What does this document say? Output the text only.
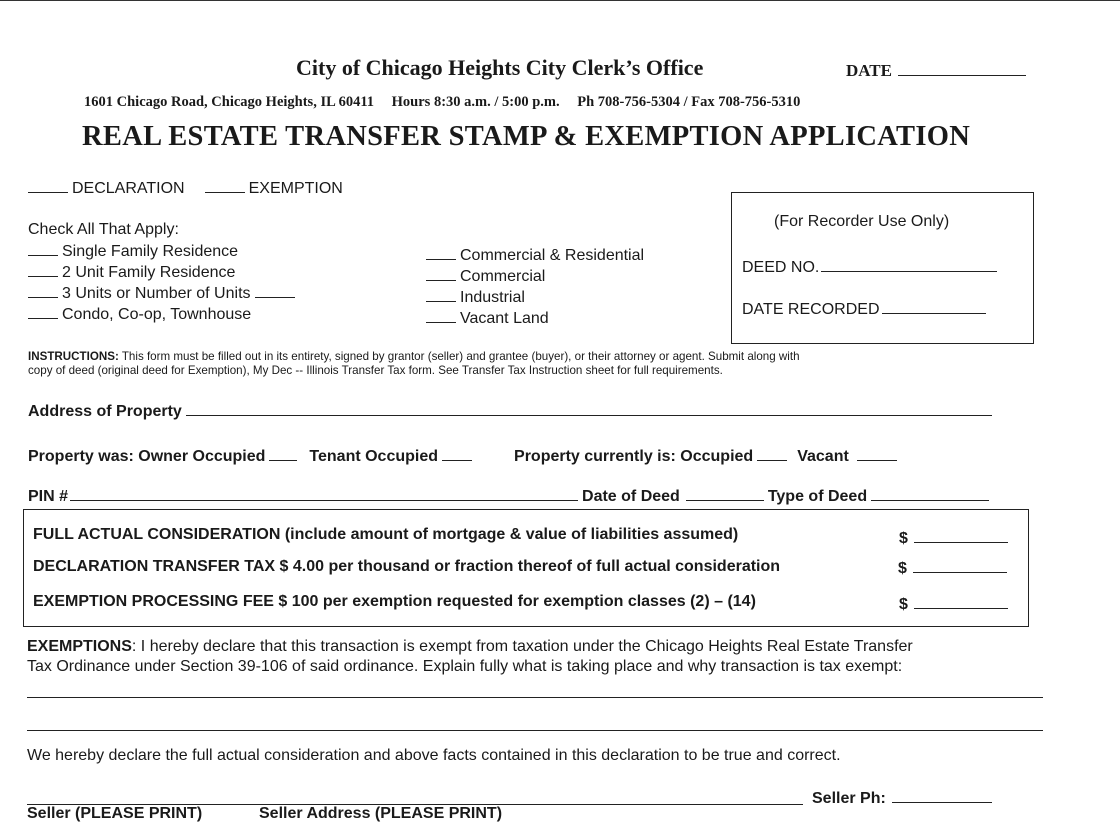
City of Chicago Heights City Clerk’s Office	DATE
1601 Chicago Road, Chicago Heights, IL 60411 Hours 8:30 a.m. / 5:00 p.m. Ph 708-756-5304 / Fax 708-756-5310
REAL ESTATE TRANSFER STAMP & EXEMPTION APPLICATION
DECLARATION	EXEMPTION
Check All That Apply:
Single Family Residence
2 Unit Family Residence
3 Units or Number of Units
Condo, Co-op, Townhouse
Commercial & Residential
Commercial
Industrial
Vacant Land
(For Recorder Use Only)
DEED NO.
DATE RECORDED
INSTRUCTIONS: This form must be filled out in its entirety, signed by grantor (seller) and grantee (buyer), or their attorney or agent. Submit along with
copy of deed (original deed for Exemption), My Dec -- Illinois Transfer Tax form. See Transfer Tax Instruction sheet for full requirements.
Address of Property
Property was: Owner Occupied	Tenant Occupied	Property currently is: Occupied	Vacant
PIN #	Date of Deed	Type of Deed
FULL ACTUAL CONSIDERATION (include amount of mortgage & value of liabilities assumed)	$
DECLARATION TRANSFER TAX $ 4.00 per thousand or fraction thereof of full actual consideration	$
EXEMPTION PROCESSING FEE $ 100 per exemption requested for exemption classes (2) – (14)	$
EXEMPTIONS: I hereby declare that this transaction is exempt from taxation under the Chicago Heights Real Estate Transfer
Tax Ordinance under Section 39-106 of said ordinance. Explain fully what is taking place and why transaction is tax exempt:
We hereby declare the full actual consideration and above facts contained in this declaration to be true and correct.
Seller Ph:
Seller (PLEASE PRINT)	Seller Address (PLEASE PRINT)
